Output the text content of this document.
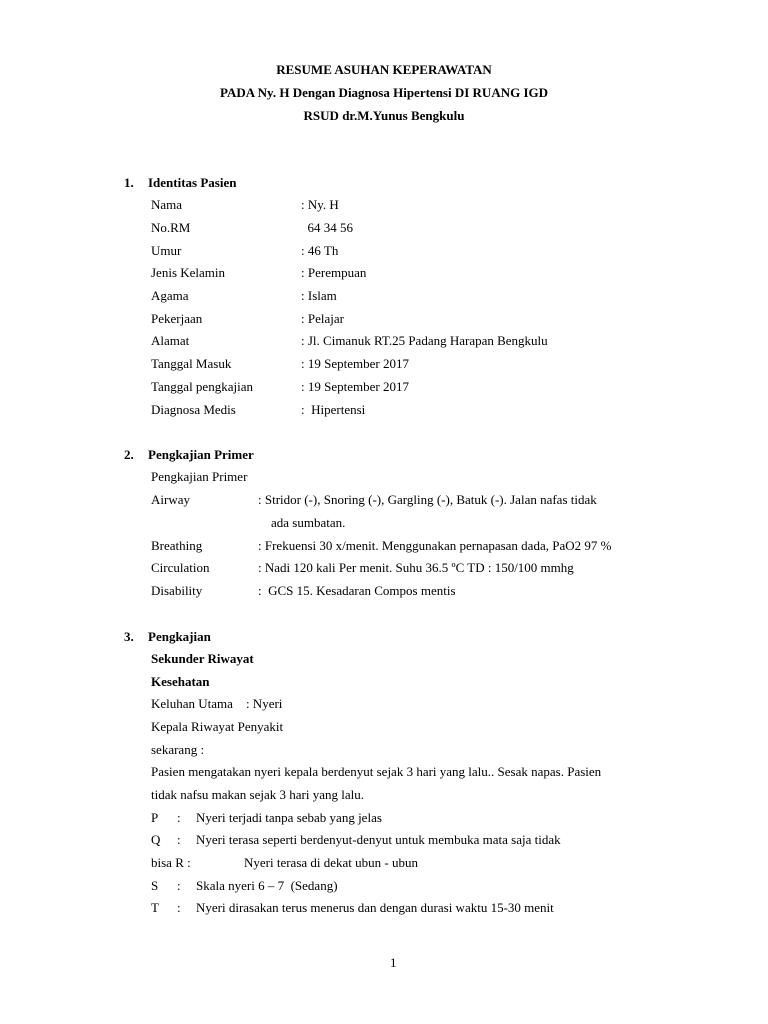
RESUME ASUHAN KEPERAWATAN
PADA Ny. H Dengan Diagnosa Hipertensi DI RUANG IGD
RSUD dr.M.Yunus Bengkulu
1. Identitas Pasien
Nama	: Ny. H
No.RM	64 34 56
Umur	: 46 Th
Jenis Kelamin	: Perempuan
Agama	: Islam
Pekerjaan	: Pelajar
Alamat	: Jl. Cimanuk RT.25 Padang Harapan Bengkulu
Tanggal Masuk	: 19 September 2017
Tanggal pengkajian	: 19 September 2017
Diagnosa Medis	:  Hipertensi
2. Pengkajian Primer
Pengkajian Primer
Airway	: Stridor (-), Snoring (-), Gargling (-), Batuk (-). Jalan nafas tidak
ada sumbatan.
Breathing	: Frekuensi 30 x/menit. Menggunakan pernapasan dada, PaO2 97 %
Circulation	: Nadi 120 kali Per menit. Suhu 36.5 ºC TD : 150/100 mmhg
Disability	:  GCS 15. Kesadaran Compos mentis
3. Pengkajian
Sekunder Riwayat
Kesehatan
Keluhan Utama    : Nyeri
Kepala Riwayat Penyakit
sekarang :
Pasien mengatakan nyeri kepala berdenyut sejak 3 hari yang lalu.. Sesak napas. Pasien
tidak nafsu makan sejak 3 hari yang lalu.
P : Nyeri terjadi tanpa sebab yang jelas
Q : Nyeri terasa seperti berdenyut-denyut untuk membuka mata saja tidak
bisa R :	Nyeri terasa di dekat ubun - ubun
S : Skala nyeri 6 – 7  (Sedang)
T : Nyeri dirasakan terus menerus dan dengan durasi waktu 15-30 menit
1
